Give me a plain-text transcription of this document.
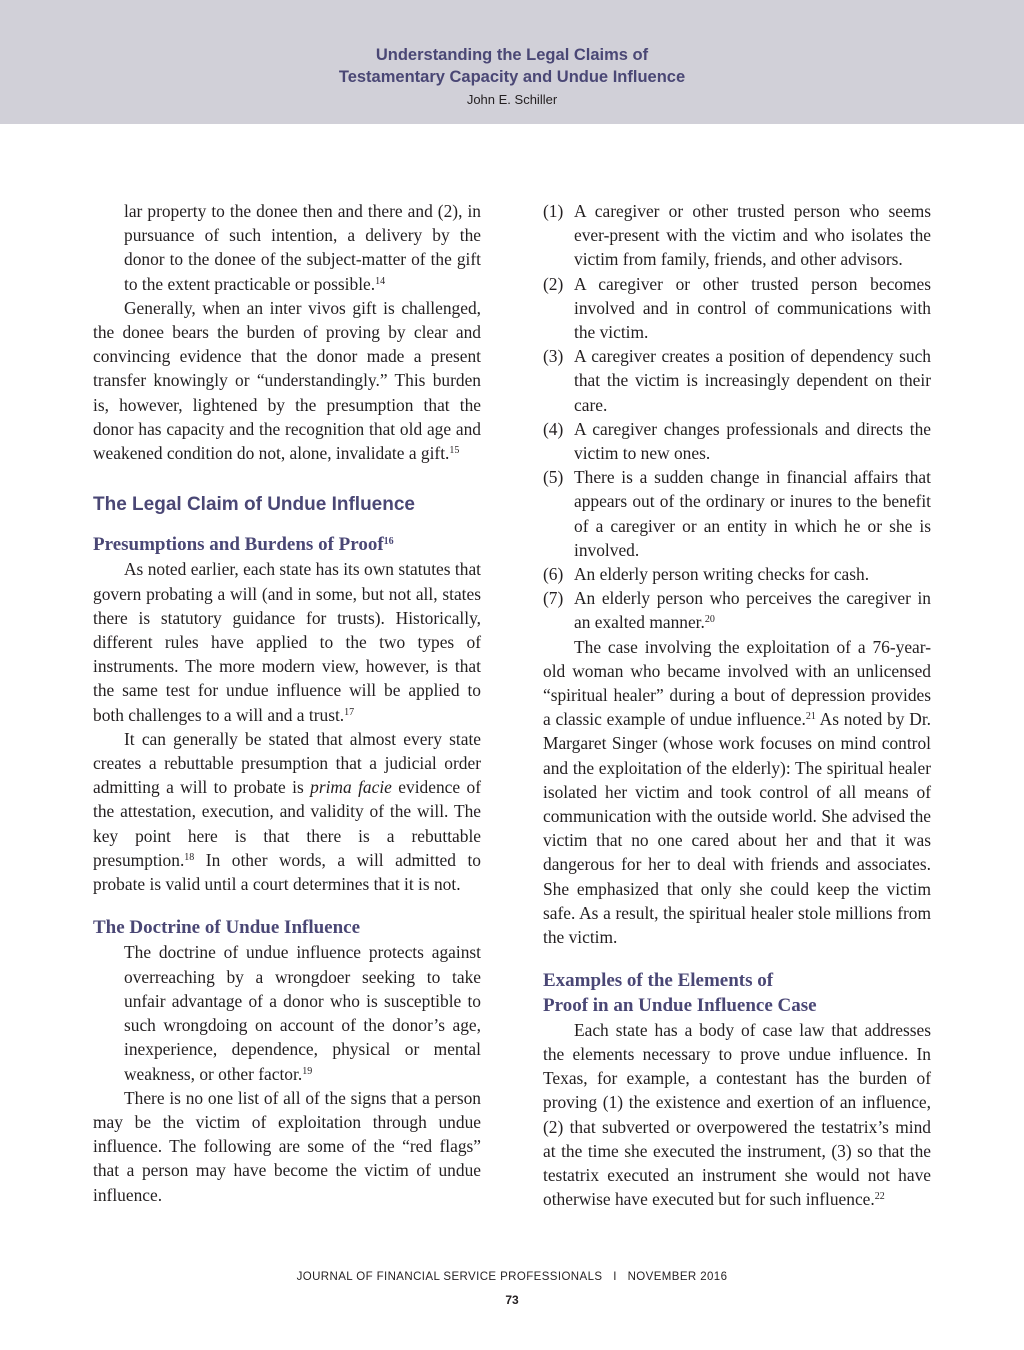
Understanding the Legal Claims of
Testamentary Capacity and Undue Influence
John E. Schiller

lar property to the donee then and there and (2), in pursuance of such intention, a delivery by the donor to the donee of the subject-matter of the gift to the extent practicable or possible.$^{14}$

Generally, when an inter vivos gift is challenged, the donee bears the burden of proving by clear and convincing evidence that the donor made a present transfer knowingly or “understandingly.” This burden is, however, lightened by the presumption that the donor has capacity and the recognition that old age and weakened condition do not, alone, invalidate a gift.$^{15}$

The Legal Claim of Undue Influence
Presumptions and Burdens of Proof$^{16}$

As noted earlier, each state has its own statutes that govern probating a will (and in some, but not all, states there is statutory guidance for trusts). Historically, different rules have applied to the two types of instruments. The more modern view, however, is that the same test for undue influence will be applied to both challenges to a will and a trust.$^{17}$

It can generally be stated that almost every state creates a rebuttable presumption that a judicial order admitting a will to probate is prima facie evidence of the attestation, execution, and validity of the will. The key point here is that there is a rebuttable presumption.$^{18}$ In other words, a will admitted to probate is valid until a court determines that it is not.

The Doctrine of Undue Influence

The doctrine of undue influence protects against overreaching by a wrongdoer seeking to take unfair advantage of a donor who is susceptible to such wrongdoing on account of the donor’s age, inexperience, dependence, physical or mental weakness, or other factor.$^{19}$

There is no one list of all of the signs that a person may be the victim of exploitation through undue influence. The following are some of the “red flags” that a person may have become the victim of undue influence.

(1) A caregiver or other trusted person who seems ever-present with the victim and who isolates the victim from family, friends, and other advisors.
(2) A caregiver or other trusted person becomes involved and in control of communications with the victim.
(3) A caregiver creates a position of dependency such that the victim is increasingly dependent on their care.
(4) A caregiver changes professionals and directs the victim to new ones.
(5) There is a sudden change in financial affairs that appears out of the ordinary or inures to the benefit of a caregiver or an entity in which he or she is involved.
(6) An elderly person writing checks for cash.
(7) An elderly person who perceives the caregiver in an exalted manner.$^{20}$

The case involving the exploitation of a 76-year-old woman who became involved with an unlicensed “spiritual healer” during a bout of depression provides a classic example of undue influence.$^{21}$ As noted by Dr. Margaret Singer (whose work focuses on mind control and the exploitation of the elderly): The spiritual healer isolated her victim and took control of all means of communication with the outside world. She advised the victim that no one cared about her and that it was dangerous for her to deal with friends and associates. She emphasized that only she could keep the victim safe. As a result, the spiritual healer stole millions from the victim.

Examples of the Elements of
Proof in an Undue Influence Case

Each state has a body of case law that addresses the elements necessary to prove undue influence. In Texas, for example, a contestant has the burden of proving (1) the existence and exertion of an influence, (2) that subverted or overpowered the testatrix’s mind at the time she executed the instrument, (3) so that the testatrix executed an instrument she would not have otherwise have executed but for such influence.$^{22}$

JOURNAL OF FINANCIAL SERVICE PROFESSIONALS   I   NOVEMBER 2016
73
